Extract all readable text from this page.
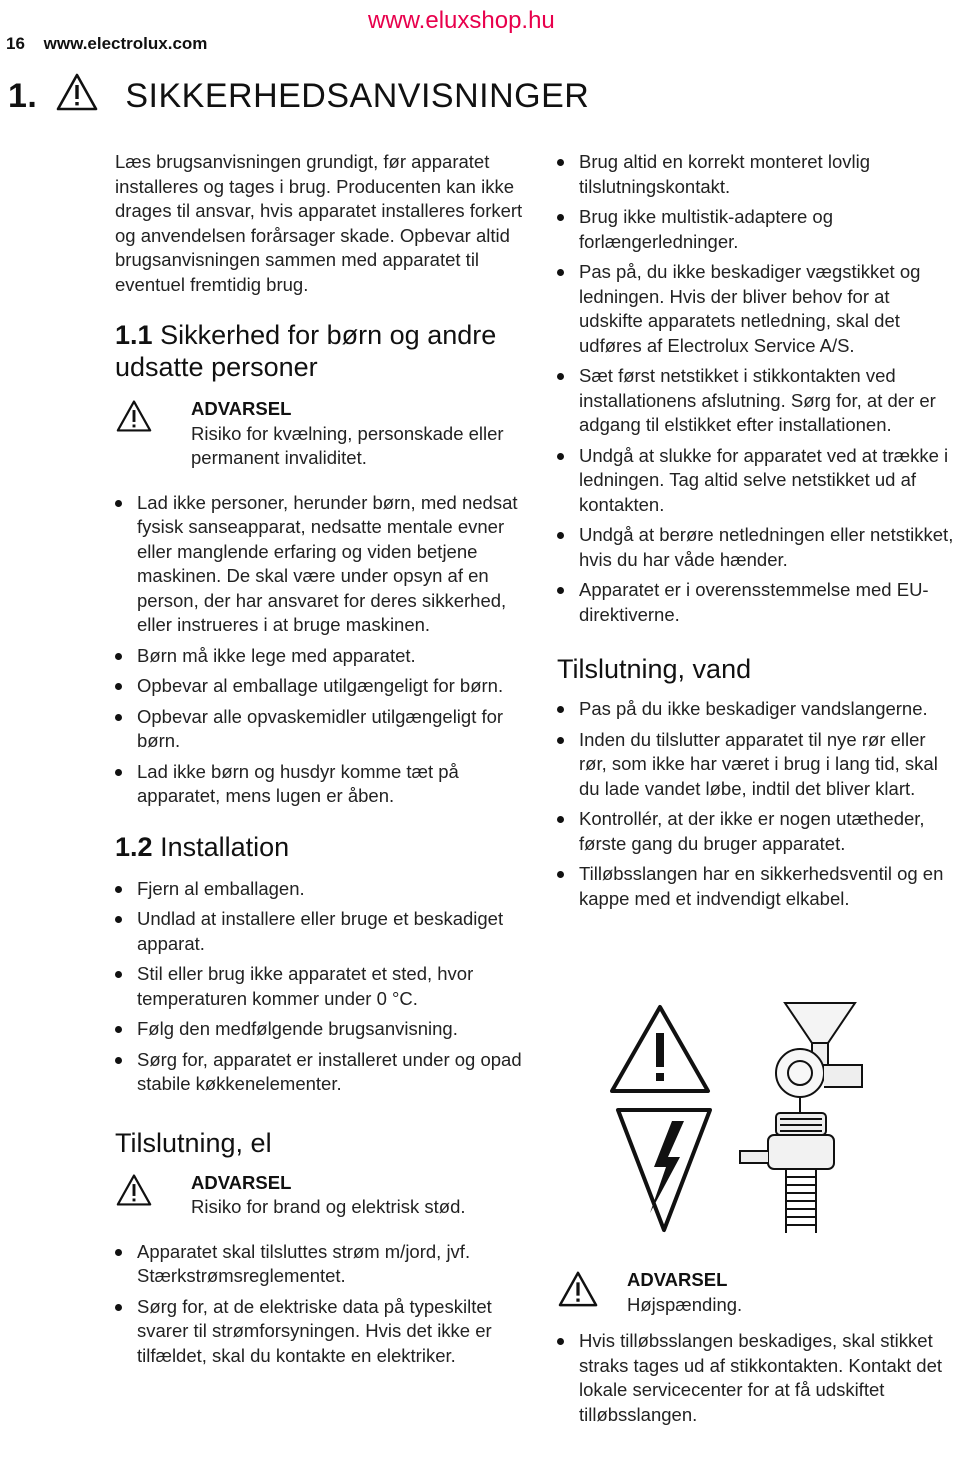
16 www.electrolux.com
www.eluxshop.hu
1.	SIKKERHEDSANVISNINGER

Læs brugsanvisningen grundigt, før apparatet installeres og tages i brug. Producenten kan ikke drages til ansvar, hvis apparatet installeres forkert og anvendelsen forårsager skade. Opbevar altid brugsanvisningen sammen med apparatet til eventuel fremtidig brug.

1.1 Sikkerhed for børn og andre udsatte personer
ADVARSEL
Risiko for kvælning, personskade eller permanent invaliditet.
Lad ikke personer, herunder børn, med nedsat fysisk sanseapparat, nedsatte mentale evner eller manglende erfaring og viden betjene maskinen. De skal være under opsyn af en person, der har ansvaret for deres sikkerhed, eller instrueres i at bruge maskinen.
Børn må ikke lege med apparatet.
Opbevar al emballage utilgængeligt for børn.
Opbevar alle opvaskemidler utilgængeligt for børn.
Lad ikke børn og husdyr komme tæt på apparatet, mens lugen er åben.
1.2 Installation
Fjern al emballagen.
Undlad at installere eller bruge et beskadiget apparat.
Stil eller brug ikke apparatet et sted, hvor temperaturen kommer under 0 °C.
Følg den medfølgende brugsanvisning.
Sørg for, apparatet er installeret under og opad stabile køkkenelementer.
Tilslutning, el
ADVARSEL
Risiko for brand og elektrisk stød.
Apparatet skal tilsluttes strøm m/jord, jvf. Stærkstrømsreglementet.
Sørg for, at de elektriske data på typeskiltet svarer til strømforsyningen. Hvis det ikke er tilfældet, skal du kontakte en elektriker.
Brug altid en korrekt monteret lovlig tilslutningskontakt.
Brug ikke multistik-adaptere og forlængerledninger.
Pas på, du ikke beskadiger vægstikket og ledningen. Hvis der bliver behov for at udskifte apparatets netledning, skal det udføres af Electrolux Service A/S.
Sæt først netstikket i stikkontakten ved installationens afslutning. Sørg for, at der er adgang til elstikket efter installationen.
Undgå at slukke for apparatet ved at trække i ledningen. Tag altid selve netstikket ud af kontakten.
Undgå at berøre netledningen eller netstikket, hvis du har våde hænder.
Apparatet er i overensstemmelse med EU-direktiverne.
Tilslutning, vand
Pas på du ikke beskadiger vandslangerne.
Inden du tilslutter apparatet til nye rør eller rør, som ikke har været i brug i lang tid, skal du lade vandet løbe, indtil det bliver klart.
Kontrollér, at der ikke er nogen utætheder, første gang du bruger apparatet.
Tilløbsslangen har en sikkerhedsventil og en kappe med et indvendigt elkabel.
ADVARSEL
Højspænding.
Hvis tilløbsslangen beskadiges, skal stikket straks tages ud af stikkontakten. Kontakt det lokale servicecenter for at få udskiftet tilløbsslangen.
